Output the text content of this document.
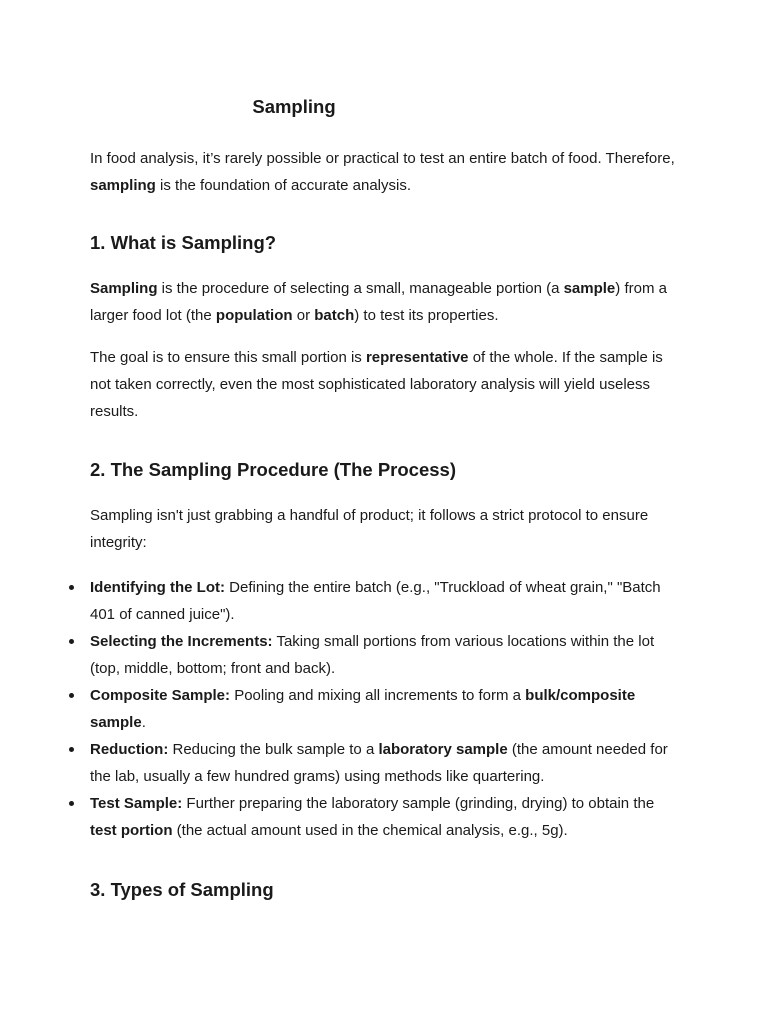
Sampling

In food analysis, it’s rarely possible or practical to test an entire batch of food. Therefore, sampling is the foundation of accurate analysis.

1. What is Sampling?

Sampling is the procedure of selecting a small, manageable portion (a sample) from a larger food lot (the population or batch) to test its properties.

The goal is to ensure this small portion is representative of the whole. If the sample is not taken correctly, even the most sophisticated laboratory analysis will yield useless results.

2. The Sampling Procedure (The Process)

Sampling isn't just grabbing a handful of product; it follows a strict protocol to ensure integrity:

Identifying the Lot: Defining the entire batch (e.g., "Truckload of wheat grain," "Batch 401 of canned juice").
Selecting the Increments: Taking small portions from various locations within the lot (top, middle, bottom; front and back).
Composite Sample: Pooling and mixing all increments to form a bulk/composite sample.
Reduction: Reducing the bulk sample to a laboratory sample (the amount needed for the lab, usually a few hundred grams) using methods like quartering.
Test Sample: Further preparing the laboratory sample (grinding, drying) to obtain the test portion (the actual amount used in the chemical analysis, e.g., 5g).
3. Types of Sampling
